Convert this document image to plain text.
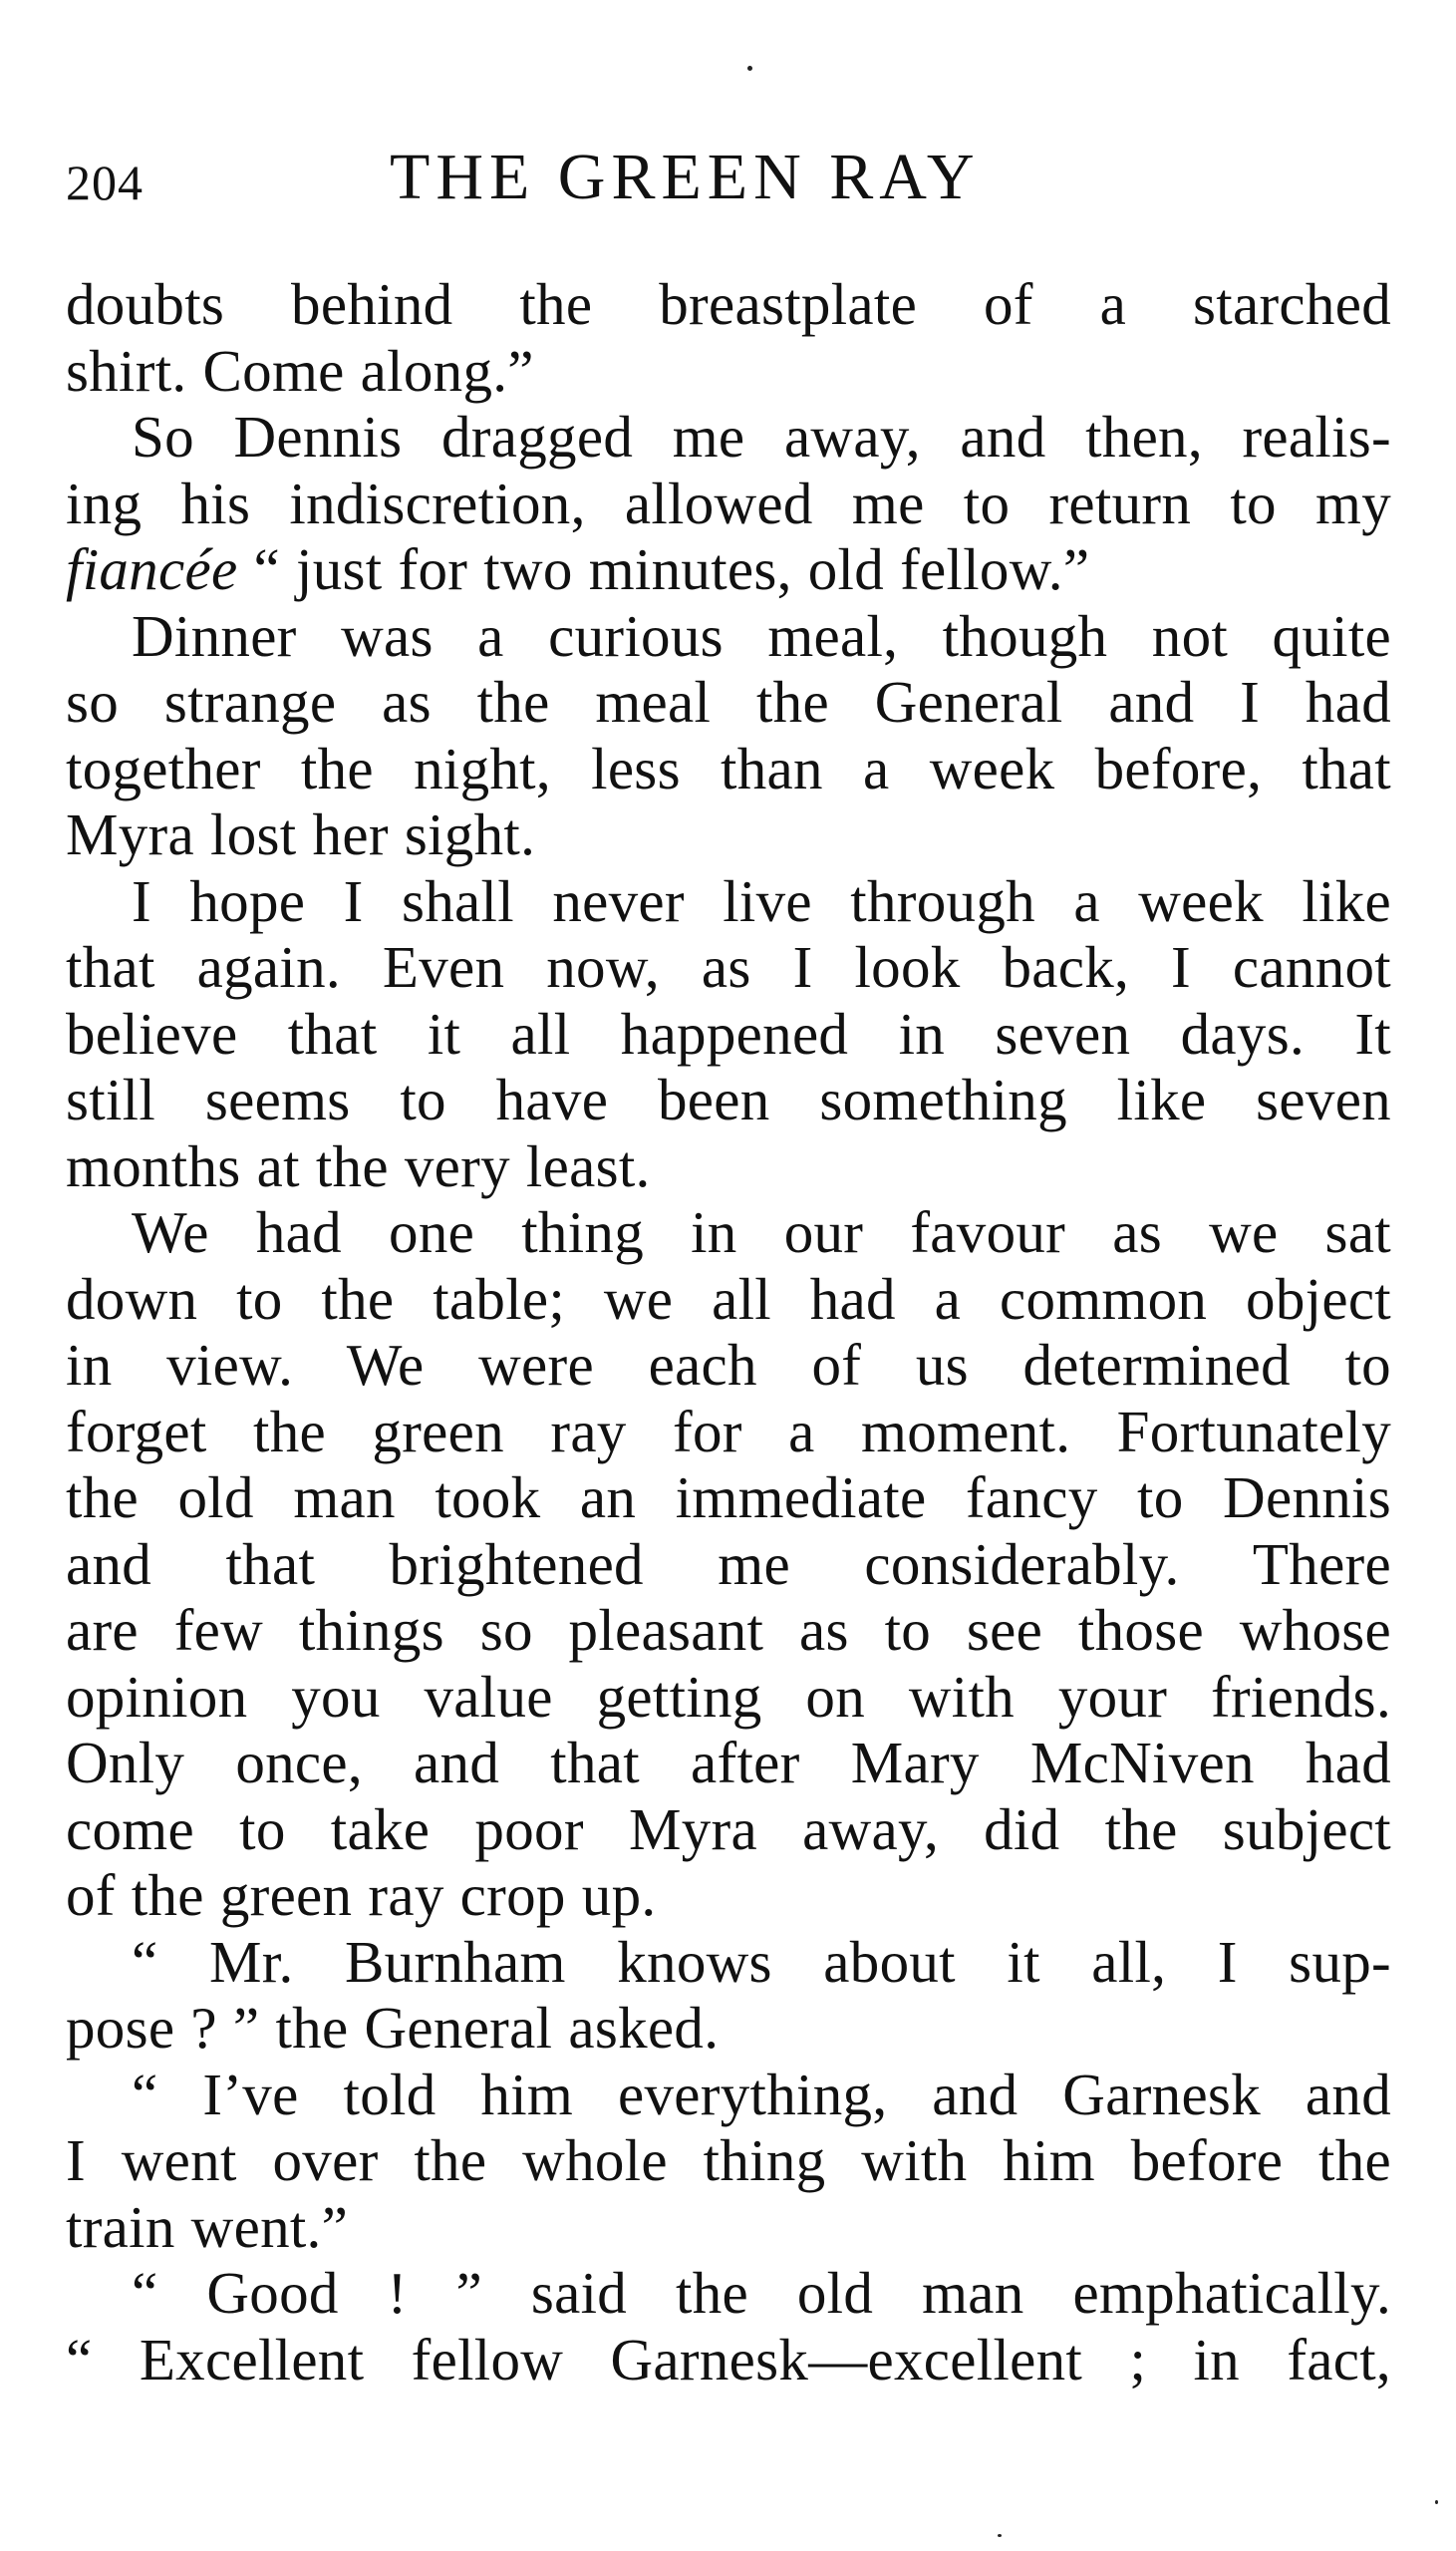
204	THE GREEN RAY
doubts behind the breastplate of a starched
shirt. Come along.”
So Dennis dragged me away, and then, realis-
ing his indiscretion, allowed me to return to my
fiancée “ just for two minutes, old fellow.”
Dinner was a curious meal, though not quite
so strange as the meal the General and I had
together the night, less than a week before, that
Myra lost her sight.
I hope I shall never live through a week like
that again. Even now, as I look back, I cannot
believe that it all happened in seven days. It
still seems to have been something like seven
months at the very least.
We had one thing in our favour as we sat
down to the table; we all had a common object
in view. We were each of us determined to
forget the green ray for a moment. Fortunately
the old man took an immediate fancy to Dennis
and that brightened me considerably. There
are few things so pleasant as to see those whose
opinion you value getting on with your friends.
Only once, and that after Mary McNiven had
come to take poor Myra away, did the subject
of the green ray crop up.
“ Mr. Burnham knows about it all, I sup-
pose ? ” the General asked.
“ I’ve told him everything, and Garnesk and
I went over the whole thing with him before the
train went.”
“ Good ! ” said the old man emphatically.
“ Excellent fellow Garnesk—excellent ; in fact,
